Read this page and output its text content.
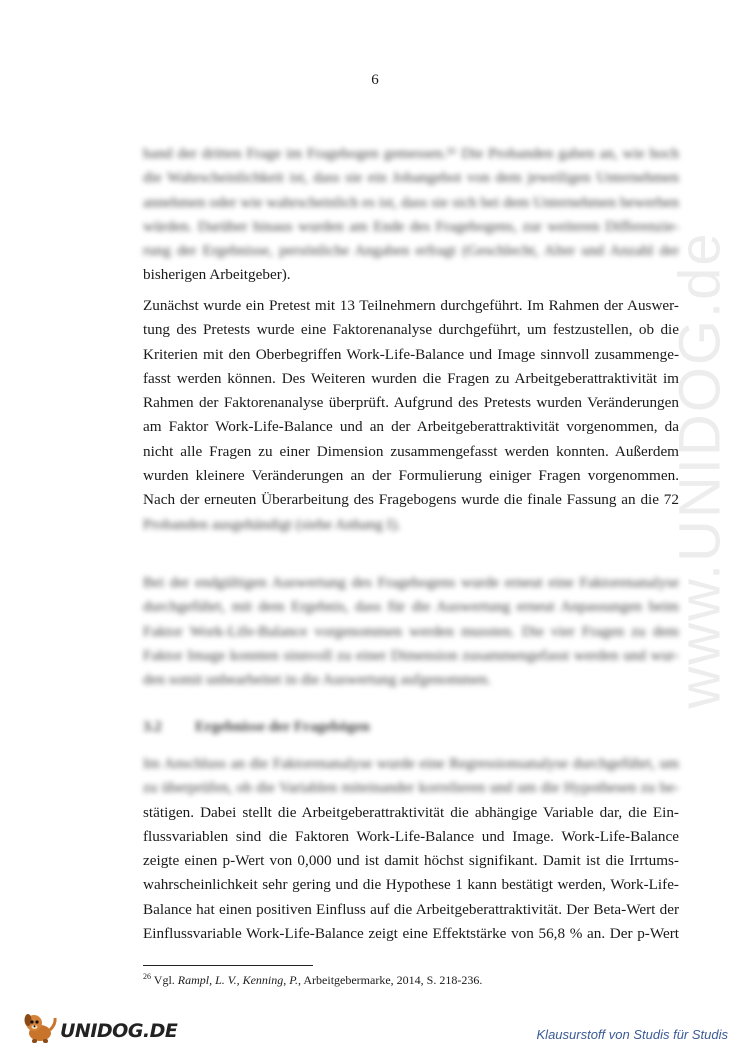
6
www.UNIDOG.de
hand der dritten Frage im Fragebogen gemessen.²⁶ Die Probanden gaben an, wie hoch
die Wahrscheinlichkeit ist, dass sie ein Jobangebot von dem jeweiligen Unternehmen
annehmen oder wie wahrscheinlich es ist, dass sie sich bei dem Unternehmen bewerben
würden. Darüber hinaus wurden am Ende des Fragebogens, zur weiteren Differenzie-
rung der Ergebnisse, persönliche Angaben erfragt (Geschlecht, Alter und Anzahl der
bisherigen Arbeitgeber).
Zunächst wurde ein Pretest mit 13 Teilnehmern durchgeführt. Im Rahmen der Auswer-
tung des Pretests wurde eine Faktorenanalyse durchgeführt, um festzustellen, ob die
Kriterien mit den Oberbegriffen Work-Life-Balance und Image sinnvoll zusammenge-
fasst werden können. Des Weiteren wurden die Fragen zu Arbeitgeberattraktivität im
Rahmen der Faktorenanalyse überprüft. Aufgrund des Pretests wurden Veränderungen
am Faktor Work-Life-Balance und an der Arbeitgeberattraktivität vorgenommen, da
nicht alle Fragen zu einer Dimension zusammengefasst werden konnten. Außerdem
wurden kleinere Veränderungen an der Formulierung einiger Fragen vorgenommen.
Nach der erneuten Überarbeitung des Fragebogens wurde die finale Fassung an die 72
Probanden ausgehändigt (siehe Anhang I).
Bei der endgültigen Auswertung des Fragebogens wurde erneut eine Faktorenanalyse
durchgeführt, mit dem Ergebnis, dass für die Auswertung erneut Anpassungen beim
Faktor Work-Life-Balance vorgenommen werden mussten. Die vier Fragen zu dem
Faktor Image konnten sinnvoll zu einer Dimension zusammengefasst werden und wur-
den somit unbearbeitet in die Auswertung aufgenommen.
3.2 Ergebnisse der Fragebögen
Im Anschluss an die Faktorenanalyse wurde eine Regressionsanalyse durchgeführt, um
zu überprüfen, ob die Variablen miteinander korrelieren und um die Hypothesen zu be-
stätigen. Dabei stellt die Arbeitgeberattraktivität die abhängige Variable dar, die Ein-
flussvariablen sind die Faktoren Work-Life-Balance und Image. Work-Life-Balance
zeigte einen p-Wert von 0,000 und ist damit höchst signifikant. Damit ist die Irrtums-
wahrscheinlichkeit sehr gering und die Hypothese 1 kann bestätigt werden, Work-Life-
Balance hat einen positiven Einfluss auf die Arbeitgeberattraktivität. Der Beta-Wert der
Einflussvariable Work-Life-Balance zeigt eine Effektstärke von 56,8 % an. Der p-Wert
$^{26}$ Vgl. Rampl, L. V., Kenning, P., Arbeitgebermarke, 2014, S. 218-236.
UNIDOG.DE	Klausurstoff von Studis für Studis
